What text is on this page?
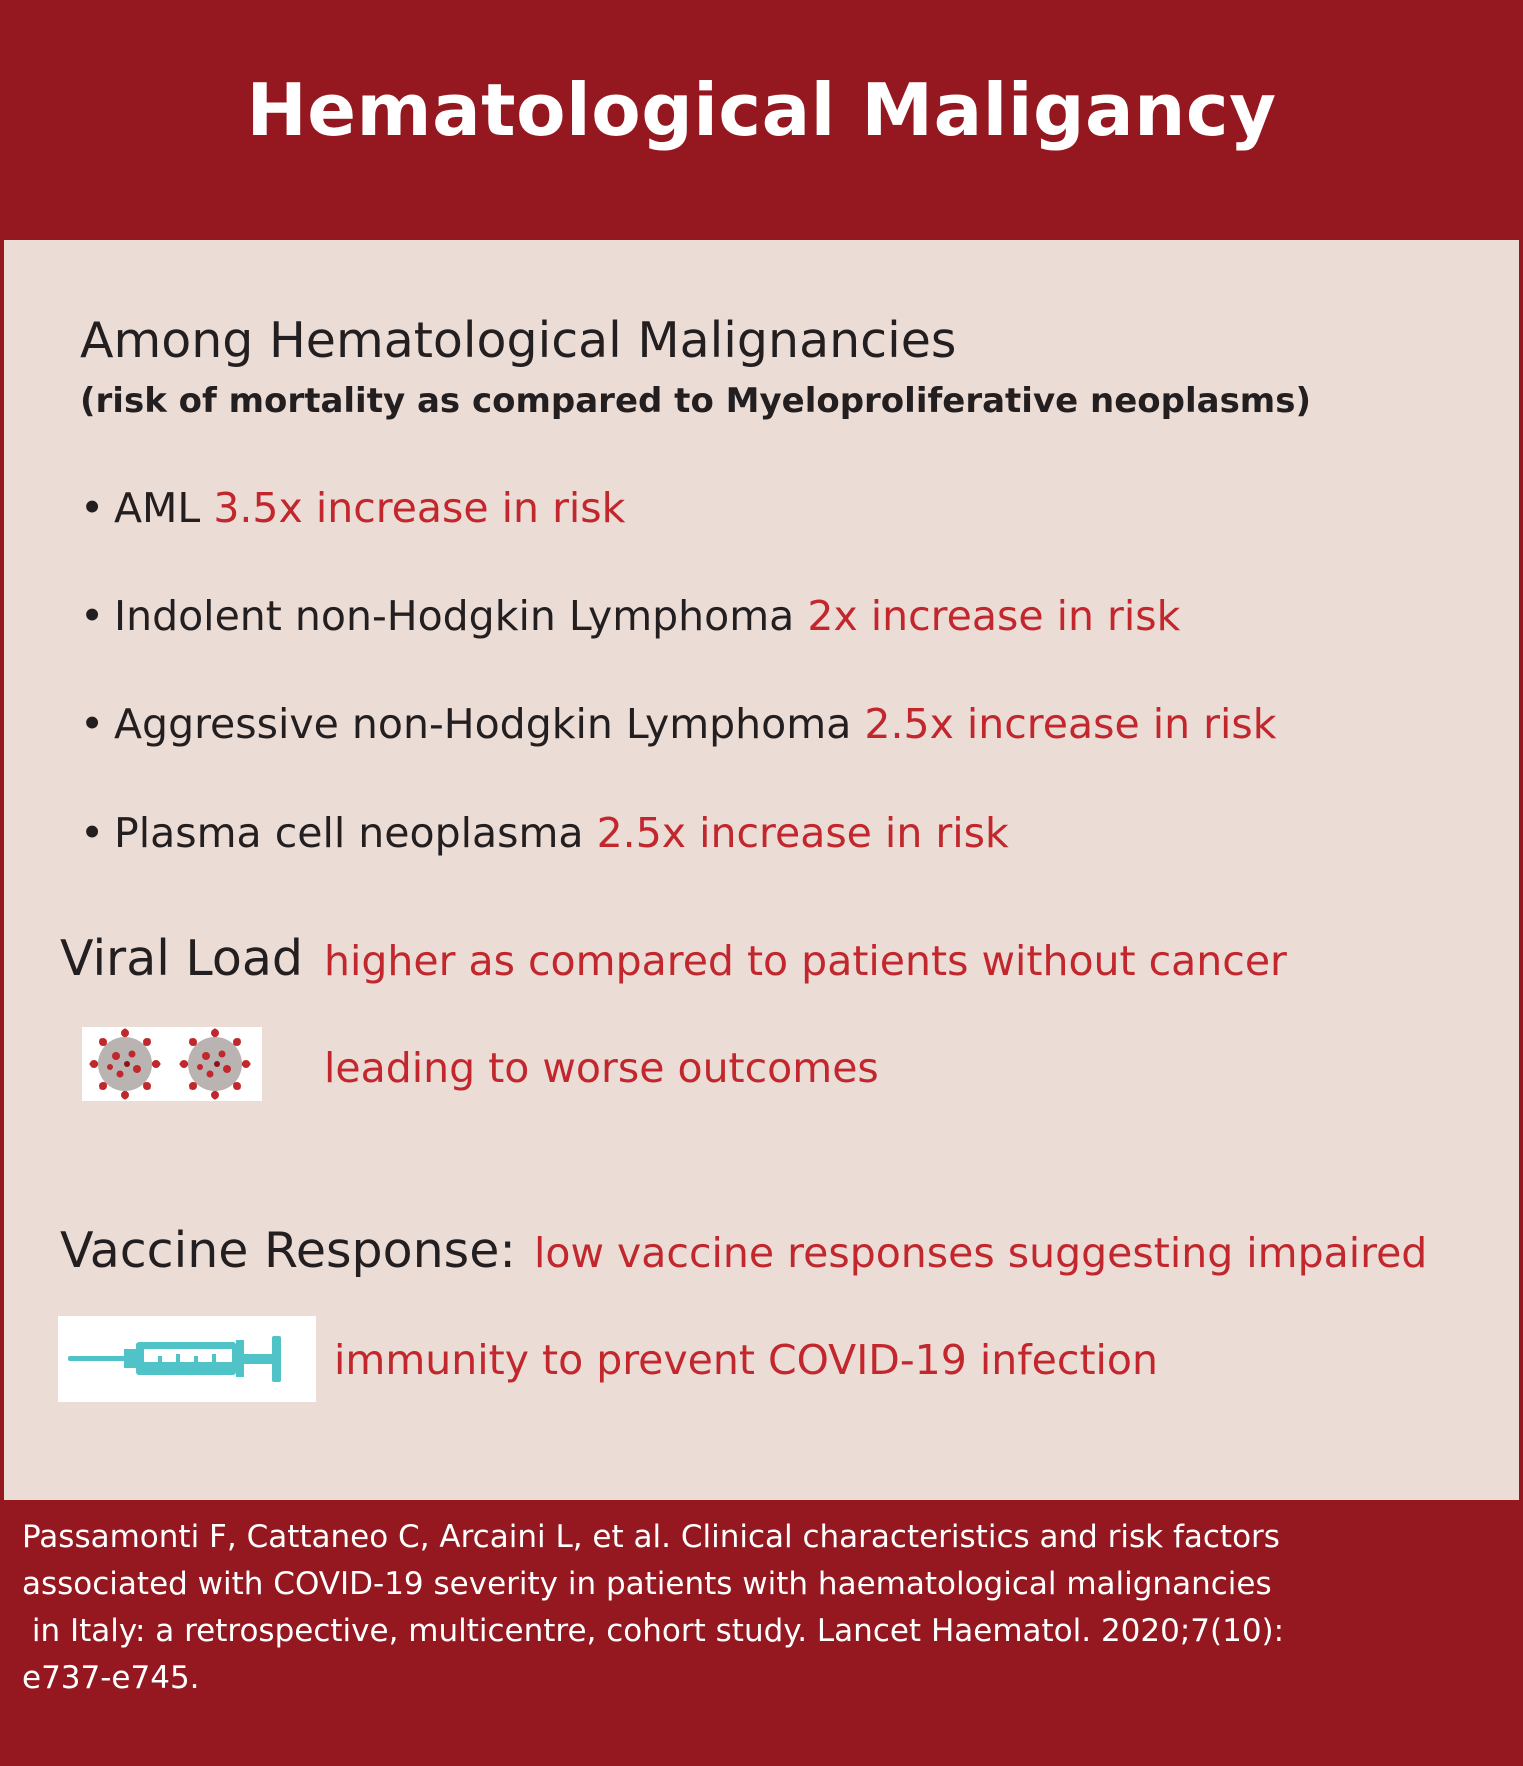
Hematological Maligancy
Among Hematological Malignancies
(risk of mortality as compared to Myeloproliferative neoplasms)
• AML 3.5x increase in risk
• Indolent non-Hodgkin Lymphoma 2x increase in risk
• Aggressive non-Hodgkin Lymphoma 2.5x increase in risk
• Plasma cell neoplasma 2.5x increase in risk
Viral Load higher as compared to patients without cancer
leading to worse outcomes
Vaccine Response: low vaccine responses suggesting impaired
immunity to prevent COVID-19 infection
Passamonti F, Cattaneo C, Arcaini L, et al. Clinical characteristics and risk factors
associated with COVID-19 severity in patients with haematological malignancies
in Italy: a retrospective, multicentre, cohort study. Lancet Haematol. 2020;7(10):
e737-e745.
